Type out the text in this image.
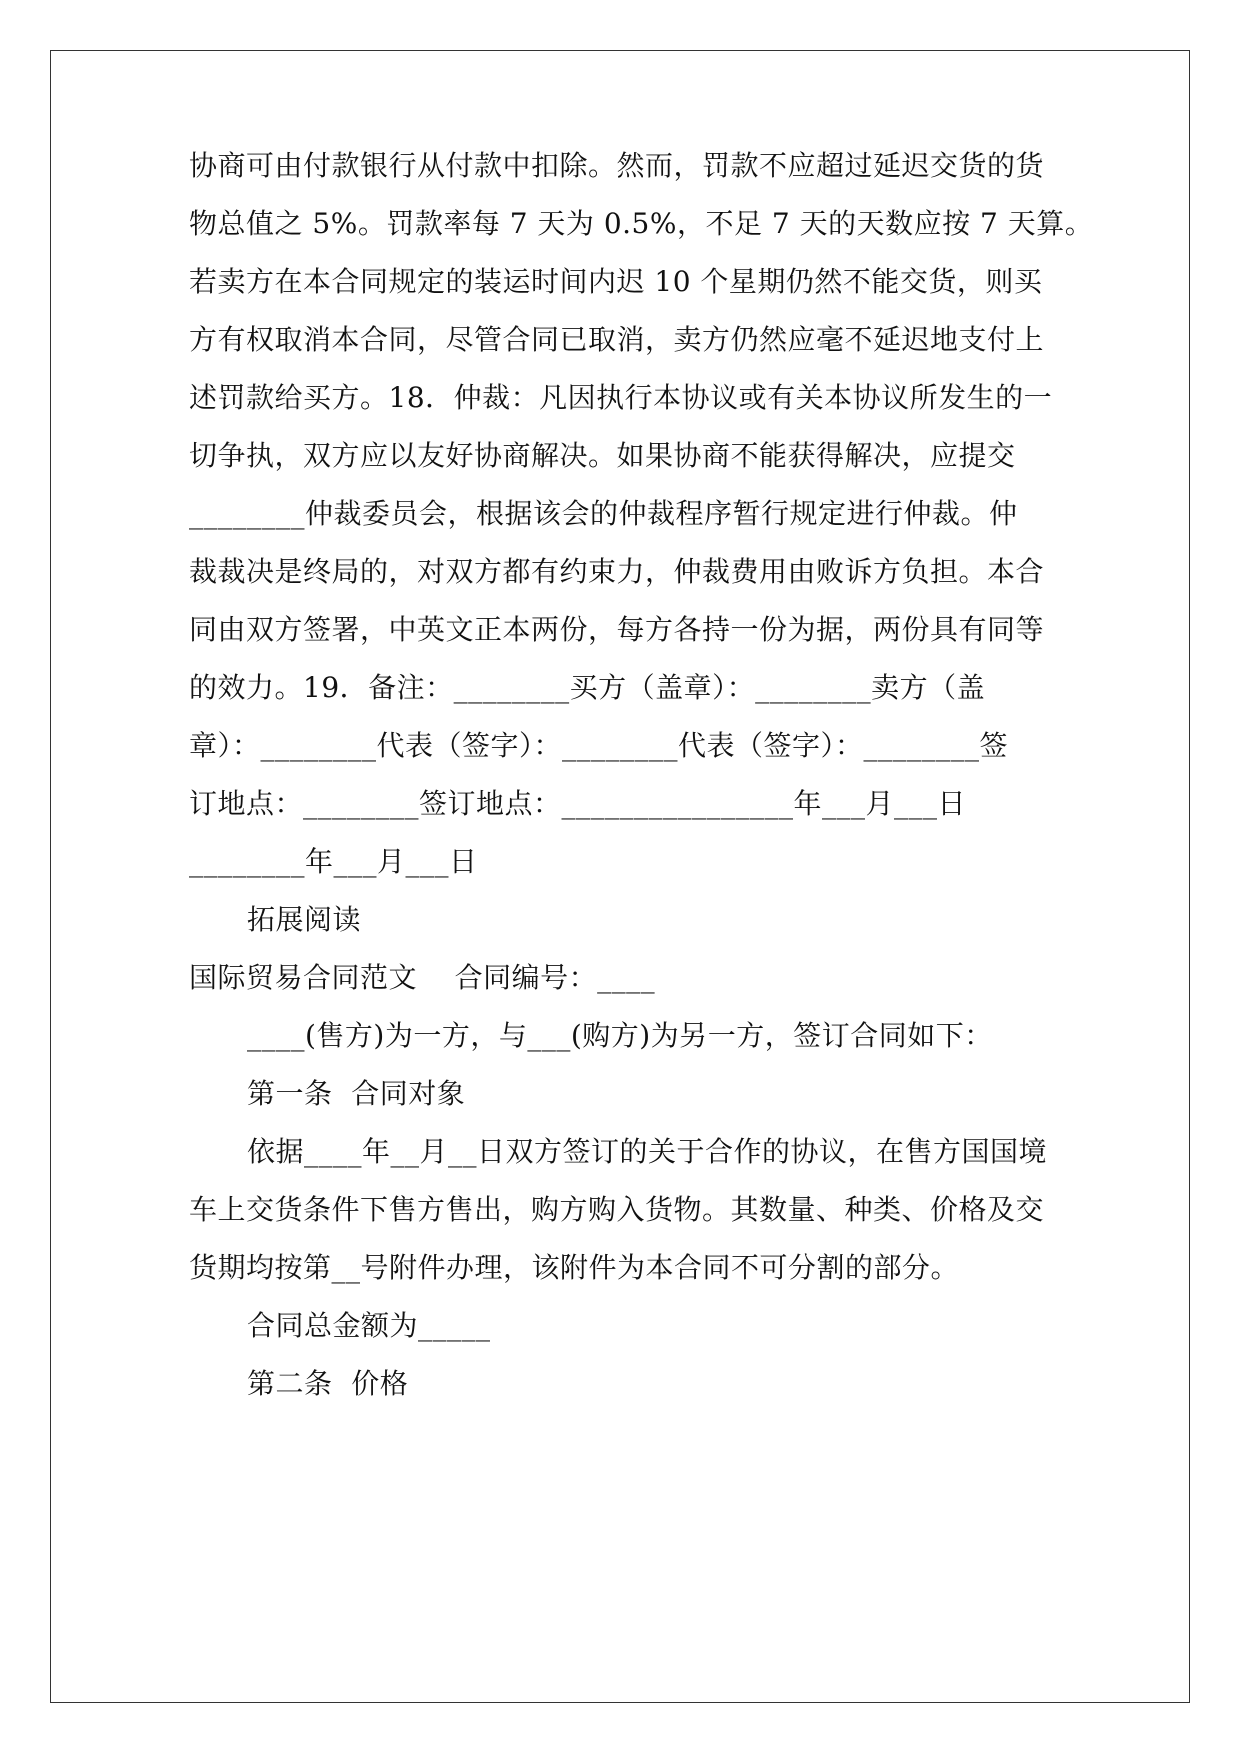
协商可由付款银行从付款中扣除。然而，罚款不应超过延迟交货的货
物总值之 5%。罚款率每 7 天为 0.5%，不足 7 天的天数应按 7 天算。
若卖方在本合同规定的装运时间内迟 10 个星期仍然不能交货，则买
方有权取消本合同，尽管合同已取消，卖方仍然应毫不延迟地支付上
述罚款给买方。18．仲裁：凡因执行本协议或有关本协议所发生的一
切争执，双方应以友好协商解决。如果协商不能获得解决，应提交
________仲裁委员会，根据该会的仲裁程序暂行规定进行仲裁。仲
裁裁决是终局的，对双方都有约束力，仲裁费用由败诉方负担。本合
同由双方签署，中英文正本两份，每方各持一份为据，两份具有同等
的效力。19．备注：________买方（盖章）：________卖方（盖
章）：________代表（签字）：________代表（签字）：________签
订地点：________签订地点：________________年___月___日
________年___月___日
拓展阅读
国际贸易合同范文    合同编号：____
____(售方)为一方，与___(购方)为另一方，签订合同如下：
第一条  合同对象
依据____年__月__日双方签订的关于合作的协议，在售方国国境
车上交货条件下售方售出，购方购入货物。其数量、种类、价格及交
货期均按第__号附件办理，该附件为本合同不可分割的部分。
合同总金额为_____
第二条  价格
